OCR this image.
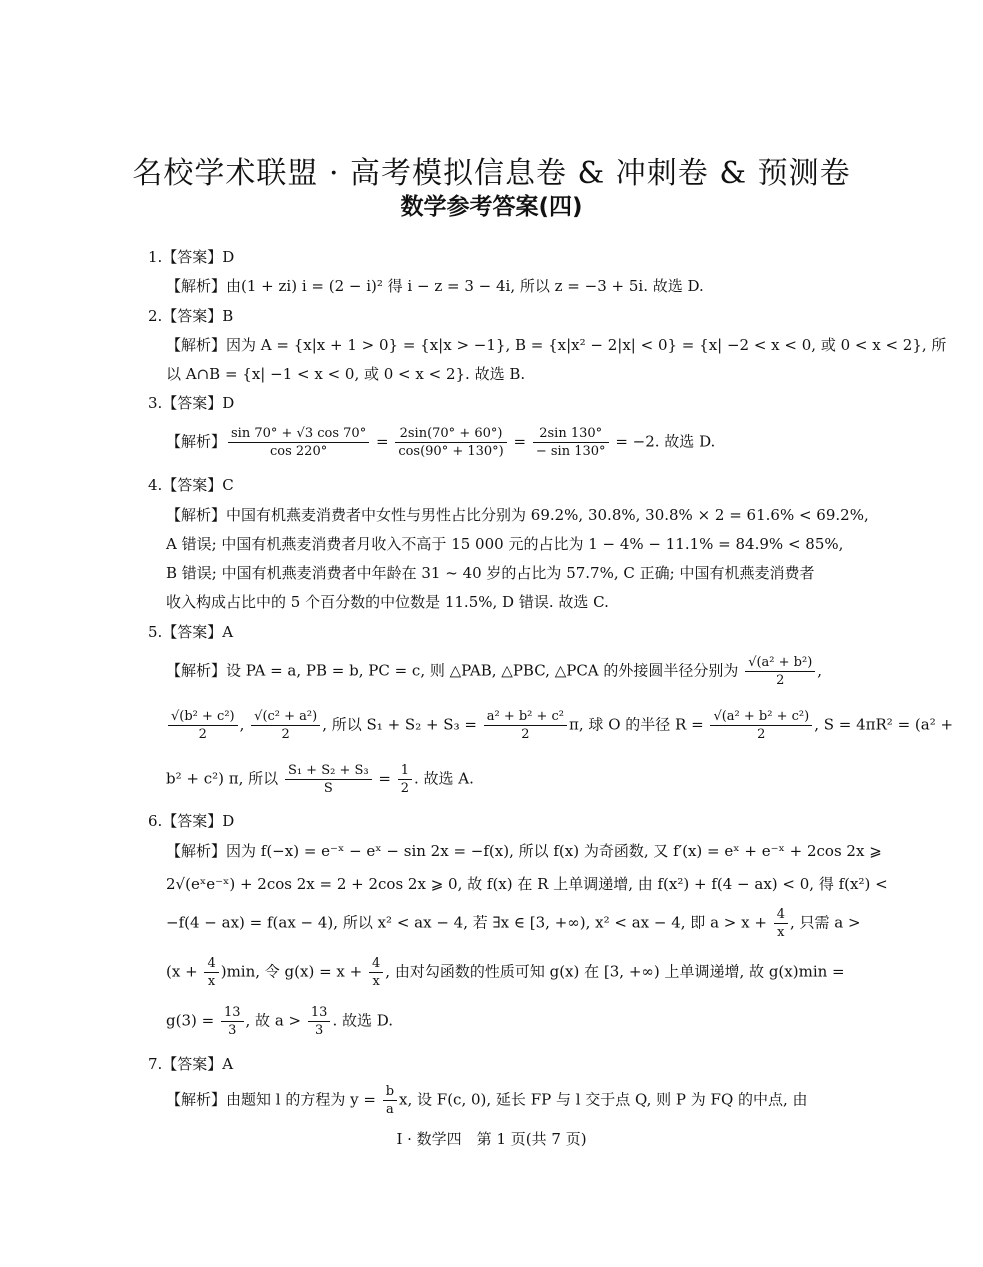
名校学术联盟 · 高考模拟信息卷 & 冲刺卷 & 预测卷
数学参考答案(四)
1.【答案】D
【解析】由(1 + zi) i = (2 − i)² 得 i − z = 3 − 4i, 所以 z = −3 + 5i. 故选 D.
2.【答案】B
【解析】因为 A = {x|x + 1 > 0} = {x|x > −1}, B = {x|x² − 2|x| < 0} = {x| −2 < x < 0, 或 0 < x < 2}, 所
以 A∩B = {x| −1 < x < 0, 或 0 < x < 2}. 故选 B.
3.【答案】D
【解析】 $\frac{\sin 70^\circ + √3 \cos 70^\circ}{\cos 220^\circ} = \frac{2\sin(70^\circ + 60^\circ)}{\cos(90^\circ + 130^\circ)} = \frac{2\sin 130^\circ}{- \sin 130^\circ} = -2$. 故选 D.
4.【答案】C
【解析】中国有机燕麦消费者中女性与男性占比分别为 69.2%, 30.8%, 30.8% × 2 = 61.6% < 69.2%,
A 错误; 中国有机燕麦消费者月收入不高于 15 000 元的占比为 1 − 4% − 11.1% = 84.9% < 85%,
B 错误; 中国有机燕麦消费者中年龄在 31 ~ 40 岁的占比为 57.7%, C 正确; 中国有机燕麦消费者
收入构成占比中的 5 个百分数的中位数是 11.5%, D 错误. 故选 C.
5.【答案】A
【解析】设 PA = a, PB = b, PC = c, 则 △PAB, △PBC, △PCA 的外接圆半径分别为 $\frac{\text{√(a² + b²)}}{2}$ ,
$\frac{\text{√(b² + c²)}}{2}$ , $\frac{\text{√(c² + a²)}}{2}$ , 所以 $S_1 + S_2 + S_3 = \frac{\text{a² + b² + c²}}{2} \pi$, 球 O 的半径 $R = \frac{\text{√(a² + b² + c²)}}{2}$ , S = 4πR² = (a² +
b² + c²) π, 所以 $\frac{\text{S₁ + S₂ + S₃}}{S} = \frac{1}{2}$ . 故选 A.
6.【答案】D
【解析】因为 f(−x) = e⁻ˣ − eˣ − sin 2x = −f(x), 所以 f(x) 为奇函数, 又 f′(x) = eˣ + e⁻ˣ + 2cos 2x ⩾
2√(eˣe⁻ˣ) + 2cos 2x = 2 + 2cos 2x ⩾ 0, 故 f(x) 在 R 上单调递增, 由 f(x²) + f(4 − ax) < 0, 得 f(x²) <
−f(4 − ax) = f(ax − 4), 所以 x² < ax − 4, 若 ∃x ∈ [3, +∞), x² < ax − 4, 即 $a > x + \frac{4}{x}$ , 只需 a >
$(x + \frac{4}{x} )\min$, 令 $g(x) = x + \frac{4}{x}$ , 由对勾函数的性质可知 g(x) 在 [3, +∞) 上单调递增, 故 g(x)min =
$g(3) = \frac{13}{3}$ , 故 $a > \frac{13}{3}$ . 故选 D.
7.【答案】A
【解析】由题知 l 的方程为 $y = \frac{b}{a} x$, 设 F(c, 0), 延长 FP 与 l 交于点 Q, 则 P 为 FQ 的中点, 由
Ⅰ · 数学四　第 1 页(共 7 页)
